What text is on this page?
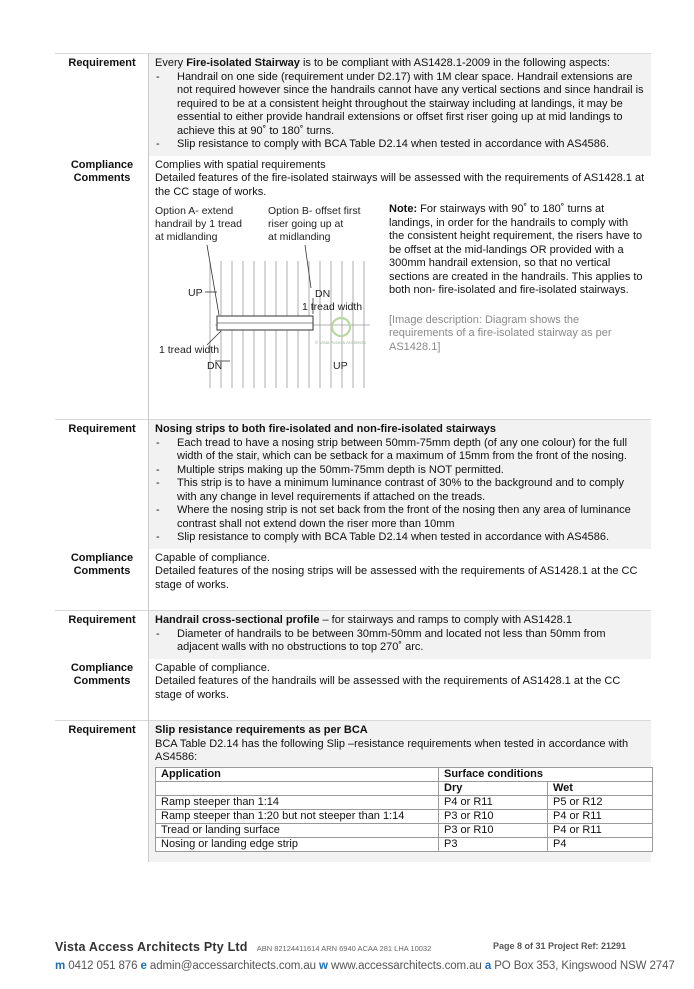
Requirement	Every Fire-isolated Stairway is to be compliant with AS1428.1-2009 in the following aspects:
- Handrail on one side (requirement under D2.17) with 1M clear space. Handrail extensions are not required however since the handrails cannot have any vertical sections and since handrail is required to be at a consistent height throughout the stairway including at landings, it may be essential to either provide handrail extensions or offset first riser going up at mid landings to achieve this at 90˚ to 180˚ turns.
- Slip resistance to comply with BCA Table D2.14 when tested in accordance with AS4586.

Compliance Comments	
Complies with spatial requirements
Detailed features of the fire-isolated stairways will be assessed with the requirements of AS1428.1 at the CC stage of works.
Option A- extend
handrail by 1 tread
at midlanding
Option B- offset first
riser going up at
at midlanding
UP	DN
1 tread width
1 tread width
DN	UP
© Vista Access Architects
Note: For stairways with 90˚ to 180˚ turns at landings, in order for the handrails to comply with the consistent height requirement, the risers have to be offset at the mid-landings OR provided with a 300mm handrail extension, so that no vertical sections are created in the handrails. This applies to both non- fire-isolated and fire-isolated stairways.
[Image description: Diagram shows the requirements of a fire-isolated stairway as per AS1428.1]

Requirement	Nosing strips to both fire-isolated and non-fire-isolated stairways
- Each tread to have a nosing strip between 50mm-75mm depth (of any one colour) for the full width of the stair, which can be setback for a maximum of 15mm from the front of the nosing.
- Multiple strips making up the 50mm-75mm depth is NOT permitted.
- This strip is to have a minimum luminance contrast of 30% to the background and to comply with any change in level requirements if attached on the treads.
- Where the nosing strip is not set back from the front of the nosing then any area of luminance contrast shall not extend down the riser more than 10mm
- Slip resistance to comply with BCA Table D2.14 when tested in accordance with AS4586.

Compliance Comments	
Capable of compliance.
Detailed features of the nosing strips will be assessed with the requirements of AS1428.1 at the CC stage of works.

Requirement	Handrail cross-sectional profile – for stairways and ramps to comply with AS1428.1
- Diameter of handrails to be between 30mm-50mm and located not less than 50mm from adjacent walls with no obstructions to top 270˚ arc.

Compliance Comments	
Capable of compliance.
Detailed features of the handrails will be assessed with the requirements of AS1428.1 at the CC stage of works.

Requirement	Slip resistance requirements as per BCA
BCA Table D2.14 has the following Slip –resistance requirements when tested in accordance with AS4586:
Application	Surface conditions
	Dry	Wet
Ramp steeper than 1:14	P4 or R11	P5 or R12
Ramp steeper than 1:20 but not steeper than 1:14	P3 or R10	P4 or R11
Tread or landing surface	P3 or R10	P4 or R11
Nosing or landing edge strip	P3	P4
Vista Access Architects Pty Ltd ABN 82124411614 ARN 6940 ACAA 281 LHA 10032	Page 8 of 31 Project Ref: 21291
m 0412 051 876 e admin@accessarchitects.com.au w www.accessarchitects.com.au a PO Box 353, Kingswood NSW 2747
